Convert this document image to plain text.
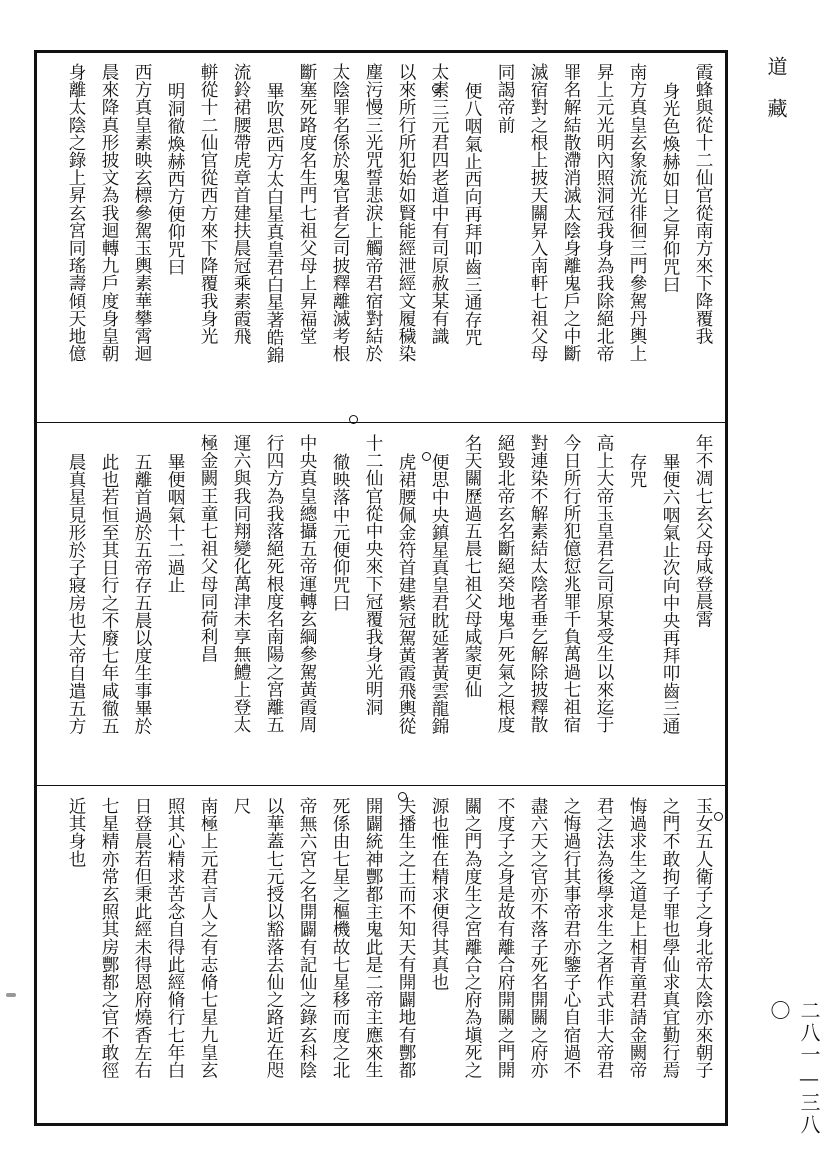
道藏
霞蜂與從十二仙官從南方來下降覆我
身光色煥赫如日之昇仰咒曰
南方真皇玄象流光徘徊三門參駕丹輿上
昇上元光明內照洞冠我身為我除絕北帝
罪名解結散滯消滅太陰身離鬼戶之中斷
滅宿對之根上披天關昇入南軒七祖父母
同謁帝前
便八咽氣止西向再拜叩齒三通存咒
太素三元君四老道中有司原赦某有識
以來所行所犯始如賢能經泄經文履穢染
塵污慢三光咒誓悲淚上觸帝君宿對結於
太陰罪名係於鬼官者乞司披釋離滅考根
斷塞死路度名生門七祖父母上昇福堂
畢吹思西方太白星真皇君白星著皓錦
流鈴裙腰帶虎章首建扶晨冠乘素霞飛
軿從十二仙官從西方來下降覆我身光
明洞徹煥赫西方便仰咒曰
西方真皇素映玄標參駕玉輿素華攀霄迴
晨來降真形披文為我迴轉九戶度身皇朝
身離太陰之錄上昇玄宮同瑤壽傾天地億
年不凋七玄父母咸登晨霄
畢便六咽氣止次向中央再拜叩齒三通
存咒
高上大帝玉皇君乞司原某受生以來迄于
今日所行所犯億愆兆罪千負萬過七祖宿
對連染不解素結太陰者垂乞解除披釋散
絕毀北帝玄名斷絕癸地鬼戶死氣之根度
名天關歷過五晨七祖父母咸蒙更仙
便思中央鎮星真皇君眈延著黃雲龍錦
虎裙腰佩金符首建紫冠駕黃霞飛輿從
十二仙官從中央來下冠覆我身光明洞
徹映落中元便仰咒曰
中央真皇總攝五帝運轉玄綱參駕黃霞周
行四方為我落絕死根度名南陽之宮離五
運六與我同翔變化萬津未享無鱧上登太
極金闕王童七祖父母同荷利昌
畢便咽氣十二過止
五離首過於五帝存五晨以度生事畢於
此也若恒至其日行之不廢七年咸徹五
晨真星見形於子寢房也大帝自遣五方
玉女五人衛子之身北帝太陰亦來朝子
之門不敢拘子罪也學仙求真宜勤行焉
悔過求生之道是上相青童君請金闕帝
君之法為後學求生之者作式非大帝君
之悔過行其事帝君亦鑒子心自宿過不
盡六天之官亦不落子死名開關之府亦
不度子之身是故有離合府開關之門開
關之門為度生之宮離合之府為塡死之
源也惟在精求便得其真也
夫播生之士而不知天有開闢地有酆都
開闢統神酆都主鬼此是二帝主應來生
死係由七星之樞機故七星移而度之北
帝無六宮之名開闢有記仙之錄玄科陰
以華蓋七元授以豁落去仙之路近在咫
尺
南極上元君言人之有志脩七星九皇玄
照其心精求苦念自得此經脩行七年白
日登晨若但秉此經未得恩府燒香左右
七星精亦常玄照其房酆都之官不敢徑
近其身也
二八一—三八〇
